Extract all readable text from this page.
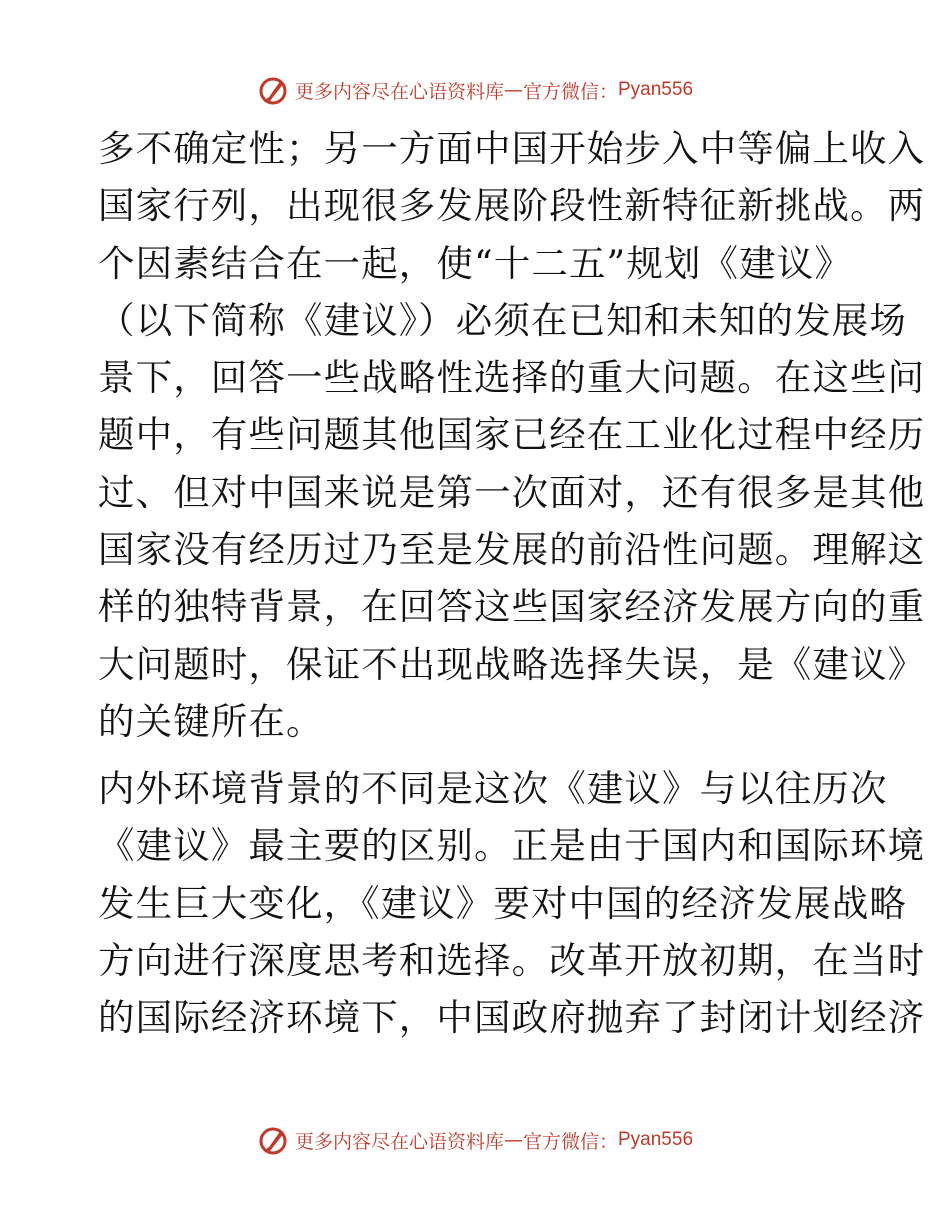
更多内容尽在心语资料库 — 官方微信： Pyan556
多不确定性；另一方面中国开始步入中等偏上收入
国家行列，出现很多发展阶段性新特征新挑战。两
个因素结合在一起，使“十二五”规划《建议》
（以下简称《建议》）必须在已知和未知的发展场
景下，回答一些战略性选择的重大问题。在这些问
题中，有些问题其他国家已经在工业化过程中经历
过、但对中国来说是第一次面对，还有很多是其他
国家没有经历过乃至是发展的前沿性问题。理解这
样的独特背景，在回答这些国家经济发展方向的重
大问题时，保证不出现战略选择失误，是《建议》
的关键所在。
内外环境背景的不同是这次《建议》与以往历次
《建议》最主要的区别。正是由于国内和国际环境
发生巨大变化，《建议》要对中国的经济发展战略
方向进行深度思考和选择。改革开放初期，在当时
的国际经济环境下，中国政府抛弃了封闭计划经济
更多内容尽在心语资料库 — 官方微信： Pyan556
